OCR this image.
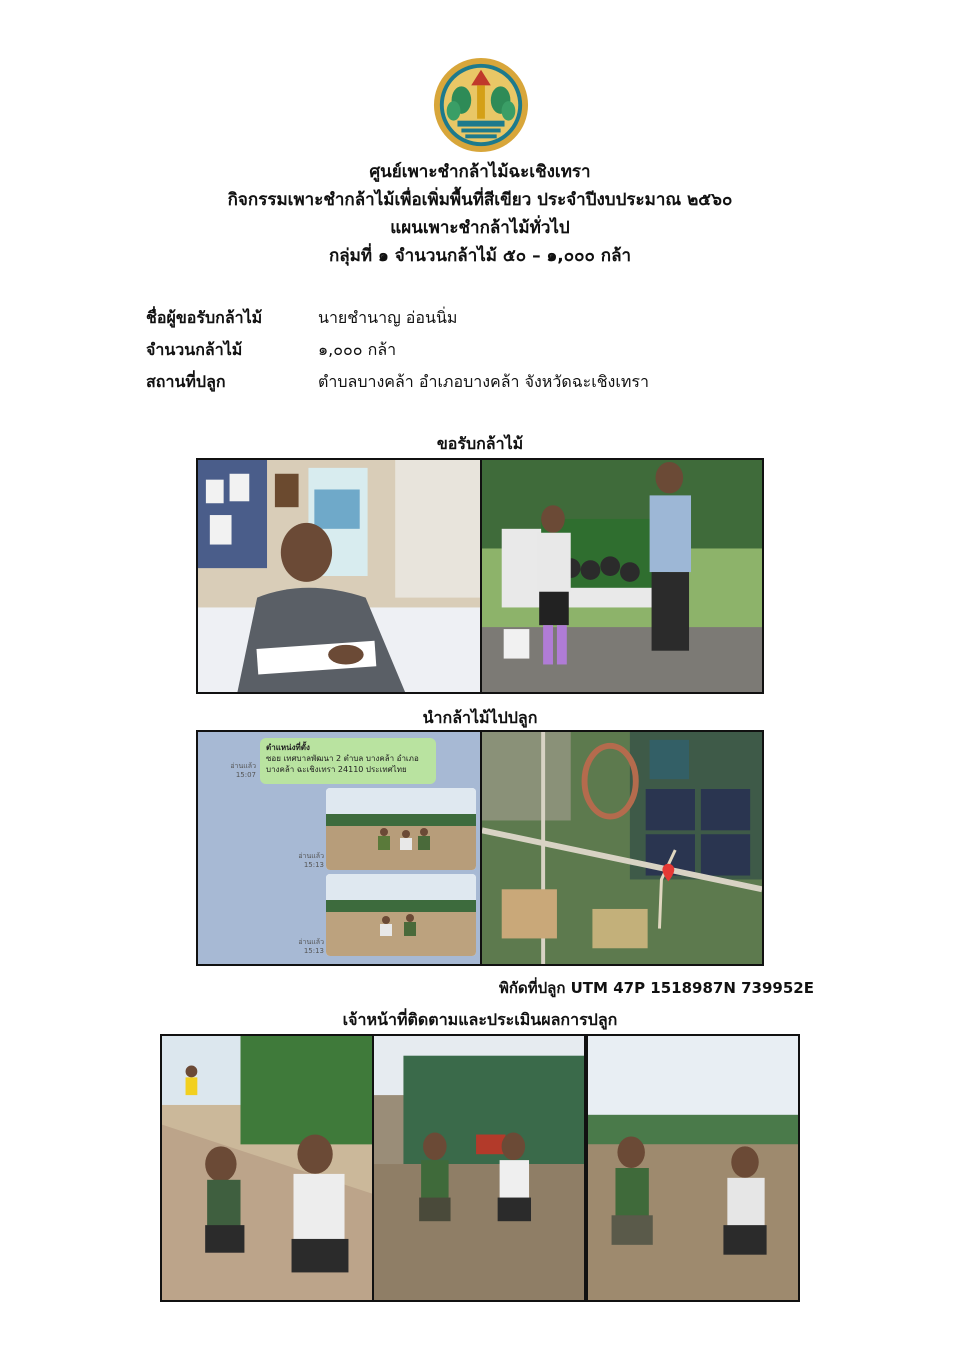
ศูนย์เพาะชำกล้าไม้ฉะเชิงเทรา
กิจกรรมเพาะชำกล้าไม้เพื่อเพิ่มพื้นที่สีเขียว ประจำปีงบประมาณ ๒๕๖๐
แผนเพาะชำกล้าไม้ทั่วไป
กลุ่มที่ ๑ จำนวนกล้าไม้ ๕๐ – ๑,๐๐๐ กล้า
ชื่อผู้ขอรับกล้าไม้	นายชำนาญ อ่อนนิ่ม
จำนวนกล้าไม้	๑,๐๐๐ กล้า
สถานที่ปลูก	ตำบลบางคล้า อำเภอบางคล้า จังหวัดฉะเชิงเทรา
ขอรับกล้าไม้
นำกล้าไม้ไปปลูก
ตำแหน่งที่ตั้ง
ซอย เทศบาลพัฒนา 2 ตำบล บางคล้า อำเภอ
บางคล้า ฉะเชิงเทรา 24110 ประเทศไทย
อ่านแล้ว
15:07
อ่านแล้ว
15:13
อ่านแล้ว
15:13
พิกัดที่ปลูก UTM 47P 1518987N 739952E
เจ้าหน้าที่ติดตามและประเมินผลการปลูก
